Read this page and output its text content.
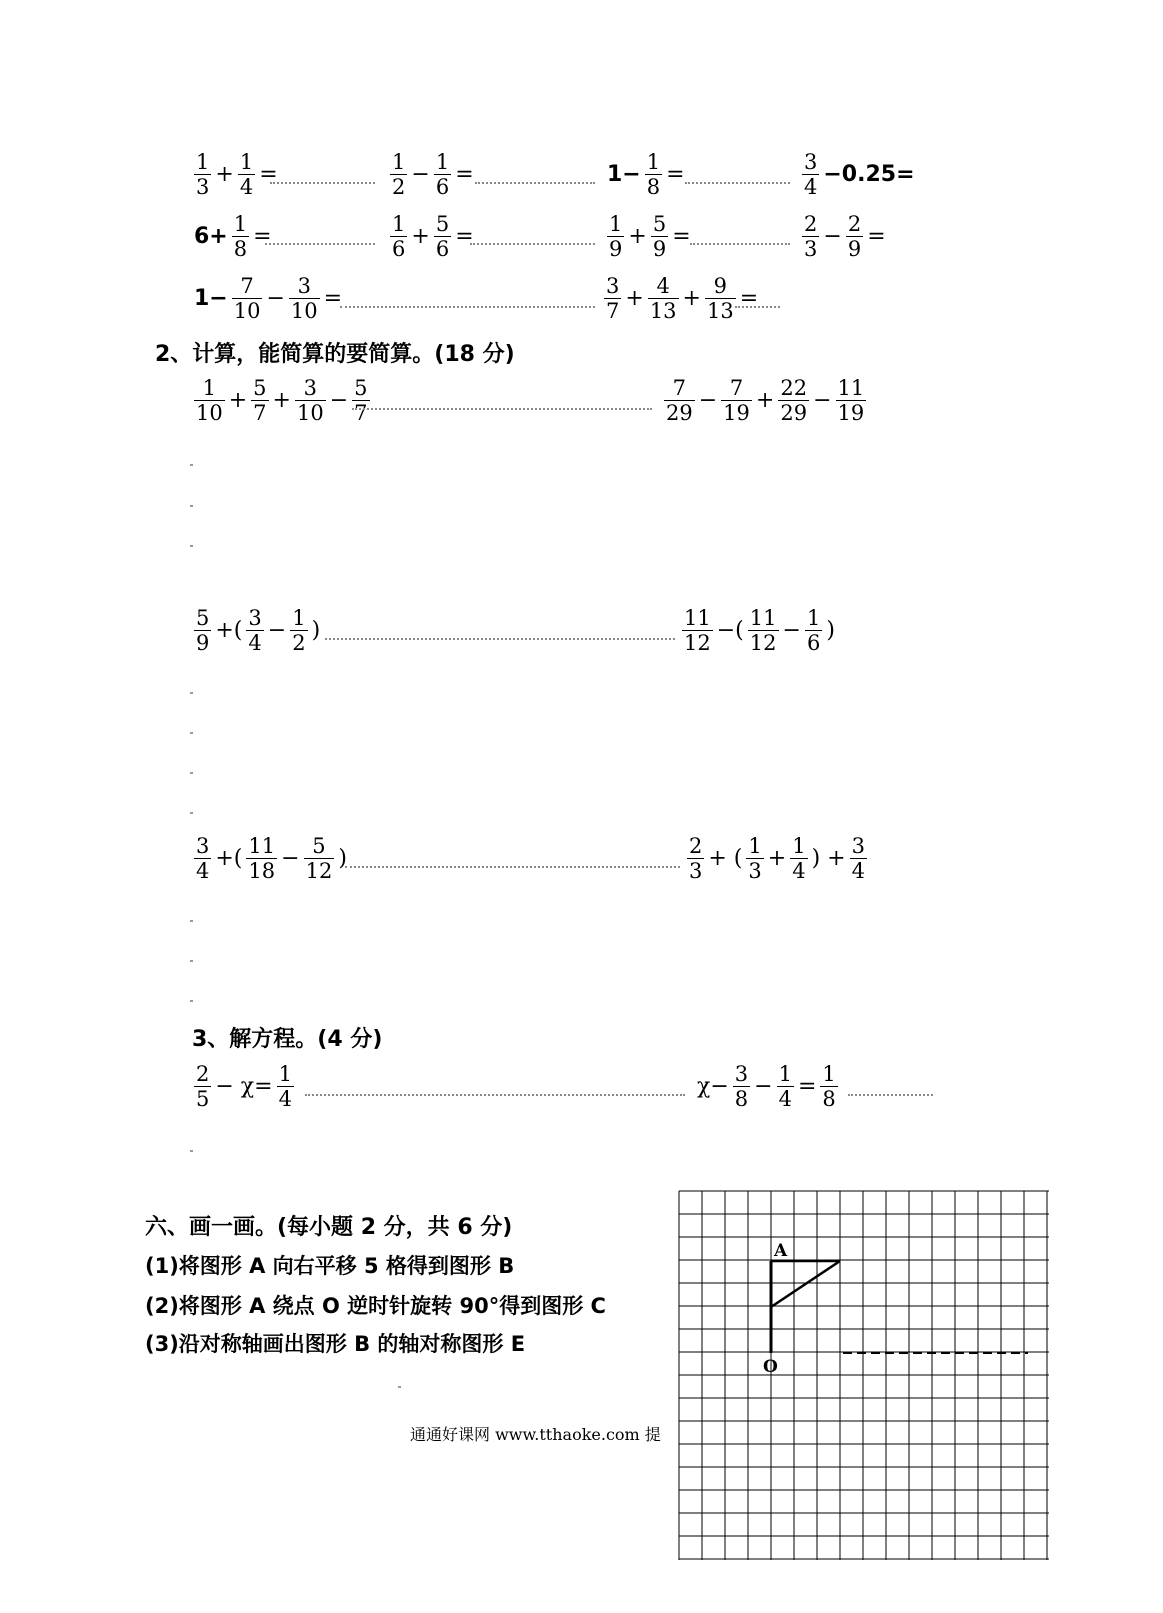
$\frac{1}{3} + \frac{1}{4}$ =	$\frac{1}{2} - \frac{1}{6}$ =	$1- \frac{1}{8}$ =	$\frac{3}{4} -0.25=$
$6+ \frac{1}{8}$ =	$\frac{1}{6} + \frac{5}{6}$ =	$\frac{1}{9} + \frac{5}{9}$ =	$\frac{2}{3} - \frac{2}{9}$ =
$1- \frac{7}{10} - \frac{3}{10}$ =	$\frac{3}{7} + \frac{4}{13} + \frac{9}{13}$ =
2、计算，能简算的要简算。(18 分)
$\frac{1}{10} + \frac{5}{7} + \frac{3}{10} - \frac{5}{7}$	$\frac{7}{29} - \frac{7}{19} + \frac{22}{29} - \frac{11}{19}$
$\frac{5}{9}$ +( $\frac{3}{4} - \frac{1}{2}$ )	$\frac{11}{12}$ −( $\frac{11}{12} - \frac{1}{6}$ )
$\frac{3}{4}$ +( $\frac{11}{18} - \frac{5}{12}$ )	$\frac{2}{3}$ + ( $\frac{1}{3} + \frac{1}{4}$ ) + $\frac{3}{4}$
3、解方程。(4 分)
$\frac{2}{5} - \chi= \frac{1}{4}$	$\chi- \frac{3}{8} - \frac{1}{4} = \frac{1}{8}$
六、画一画。(每小题 2 分，共 6 分)
(1)将图形 A 向右平移 5 格得到图形 B
(2)将图形 A 绕点 O 逆时针旋转 90°得到图形 C
(3)沿对称轴画出图形 B 的轴对称图形 E
通通好课网 www.tthaoke.com 提
A
O
